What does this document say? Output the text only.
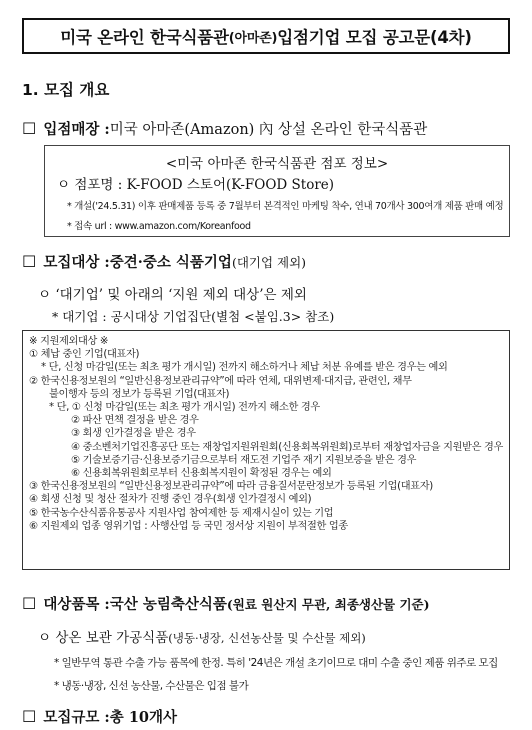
미국 온라인 한국식품관 (아마존) 입점기업 모집 공고문(4차)
1. 모집 개요
☐ 입점매장 : 미국 아마존(Amazon) 內 상설 온라인 한국식품관
<미국 아마존 한국식품관 점포 정보>
ㅇ 점포명 : K-FOOD 스토어(K-FOOD Store)
* 개설('24.5.31) 이후 판매제품 등록 중 7월부터 본격적인 마케팅 착수, 연내 70개사 300여개 제품 판매 예정
* 접속 url : www.amazon.com/Koreanfood
☐ 모집대상 : 중견·중소 식품기업 (대기업 제외)
ㅇ ‘대기업’ 및 아래의 ‘지원 제외 대상’은 제외
* 대기업 : 공시대상 기업집단(별첨 <붙임.3> 참조)
※ 지원제외대상 ※
① 체납 중인 기업(대표자)
* 단, 신청 마감일(또는 최초 평가 개시일) 전까지 해소하거나 체납 처분 유예를 받은 경우는 예외
② 한국신용정보원의 “일반신용정보관리규약”에 따라 연체, 대위변제·대지급, 관련인, 채무
불이행자 등의 정보가 등록된 기업(대표자)
* 단, ① 신청 마감일(또는 최초 평가 개시일) 전까지 해소한 경우
② 파산 면책 결정을 받은 경우
③ 회생 인가결정을 받은 경우
④ 중소벤처기업진흥공단 또는 재창업지원위원회(신용회복위원회)로부터 재창업자금을 지원받은 경우
⑤ 기술보증기금·신용보증기금으로부터 재도전 기업주 재기 지원보증을 받은 경우
⑥ 신용회복위원회로부터 신용회복지원이 확정된 경우는 예외
③ 한국신용정보원의 “일반신용정보관리규약”에 따라 금융질서문란정보가 등록된 기업(대표자)
④ 회생 신청 및 청산 절차가 진행 중인 경우(회생 인가결정시 예외)
⑤ 한국농수산식품유통공사 지원사업 참여제한 등 제재시실이 있는 기업
⑥ 지원제외 업종 영위기업 : 사행산업 등 국민 정서상 지원이 부적절한 업종
☐ 대상품목 : 국산 농림축산식품 (원료 원산지 무관, 최종생산물 기준)
ㅇ 상온 보관 가공식품(냉동·냉장, 신선농산물 및 수산물 제외)
* 일반무역 통관 수출 가능 품목에 한정. 특히 '24년은 개설 초기이므로 대미 수출 중인 제품 위주로 모집
* 냉동·냉장, 신선 농산물, 수산물은 입점 불가
☐ 모집규모 : 총 10개사
